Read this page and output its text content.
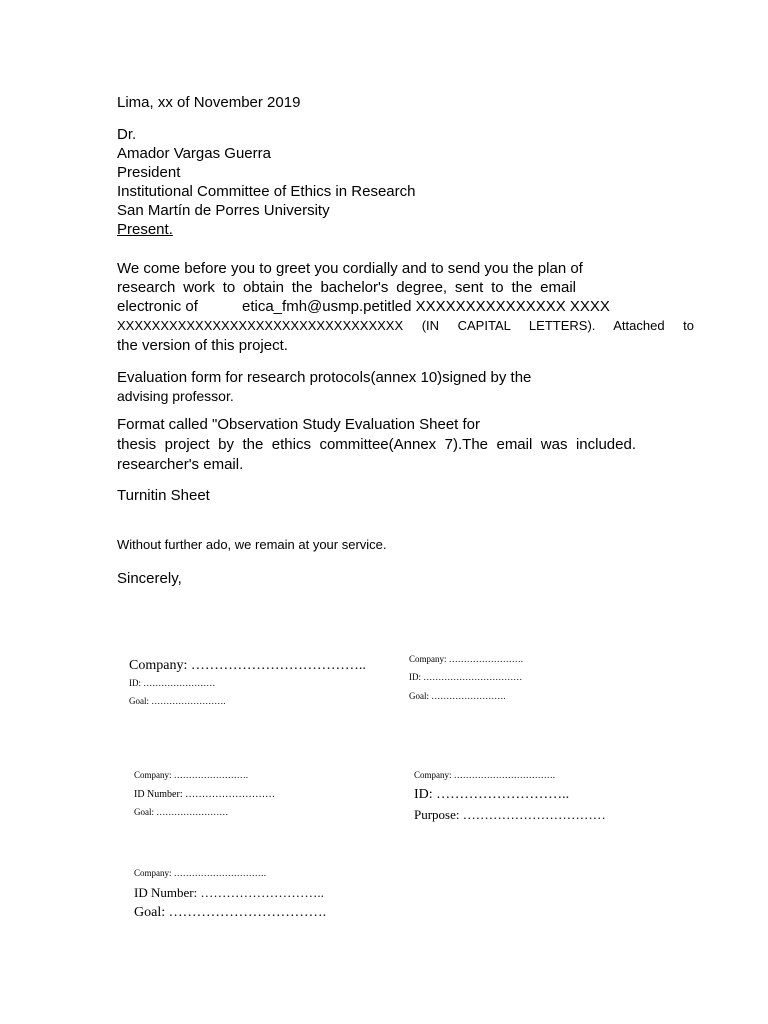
Lima, xx of November 2019
Dr.
Amador Vargas Guerra
President
Institutional Committee of Ethics in Research
San Martín de Porres University
Present.
We come before you to greet you cordially and to send you the plan of
research work to obtain the bachelor's degree, sent to the email
electronic of	etica_fmh@usmp.petitled XXXXXXXXXXXXXXX XXXX
XXXXXXXXXXXXXXXXXXXXXXXXXXXXXXXXX (IN CAPITAL LETTERS). Attached to
the version of this project.
Evaluation form for research protocols(annex 10)signed by the
advising professor.
Format called "Observation Study Evaluation Sheet for
thesis project by the ethics committee(Annex 7).The email was included.
researcher's email.
Turnitin Sheet
Without further ado, we remain at your service.
Sincerely,
Company: ………………………………..
ID: ……………………
Goal: …………………….
Company: …………………….
ID: ……………………………
Goal: …………………….
Company: …………………….
ID Number: ………………………
Goal: ……………………
Company: …………………………….
ID: ………………………..
Purpose: ……………………………
Company: ………………………….
ID Number: ………………………..
Goal: …………………………….
